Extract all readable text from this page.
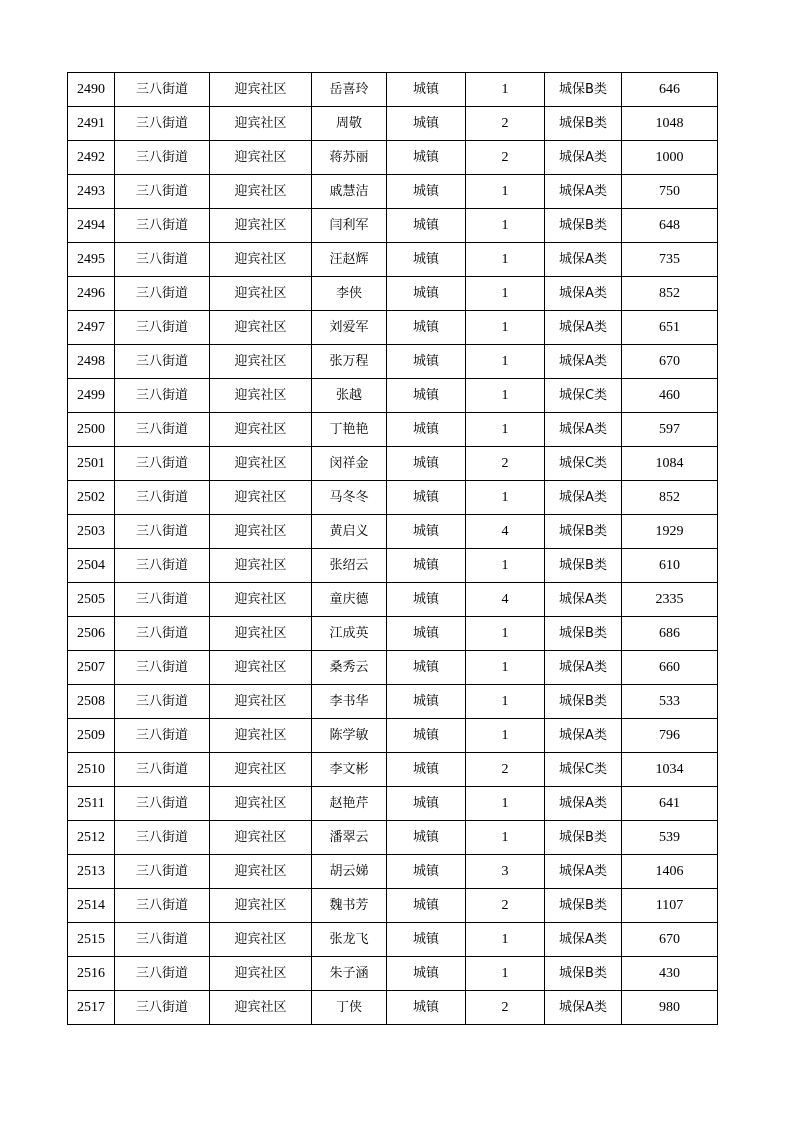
2490	三八街道	迎宾社区	岳喜玲	城镇	1	城保B类	646
2491	三八街道	迎宾社区	周敬	城镇	2	城保B类	1048
2492	三八街道	迎宾社区	蒋苏丽	城镇	2	城保A类	1000
2493	三八街道	迎宾社区	戚慧洁	城镇	1	城保A类	750
2494	三八街道	迎宾社区	闫利军	城镇	1	城保B类	648
2495	三八街道	迎宾社区	汪赵辉	城镇	1	城保A类	735
2496	三八街道	迎宾社区	李侠	城镇	1	城保A类	852
2497	三八街道	迎宾社区	刘爱军	城镇	1	城保A类	651
2498	三八街道	迎宾社区	张万程	城镇	1	城保A类	670
2499	三八街道	迎宾社区	张越	城镇	1	城保C类	460
2500	三八街道	迎宾社区	丁艳艳	城镇	1	城保A类	597
2501	三八街道	迎宾社区	闵祥金	城镇	2	城保C类	1084
2502	三八街道	迎宾社区	马冬冬	城镇	1	城保A类	852
2503	三八街道	迎宾社区	黄启义	城镇	4	城保B类	1929
2504	三八街道	迎宾社区	张绍云	城镇	1	城保B类	610
2505	三八街道	迎宾社区	童庆德	城镇	4	城保A类	2335
2506	三八街道	迎宾社区	江成英	城镇	1	城保B类	686
2507	三八街道	迎宾社区	桑秀云	城镇	1	城保A类	660
2508	三八街道	迎宾社区	李书华	城镇	1	城保B类	533
2509	三八街道	迎宾社区	陈学敏	城镇	1	城保A类	796
2510	三八街道	迎宾社区	李文彬	城镇	2	城保C类	1034
2511	三八街道	迎宾社区	赵艳芹	城镇	1	城保A类	641
2512	三八街道	迎宾社区	潘翠云	城镇	1	城保B类	539
2513	三八街道	迎宾社区	胡云娣	城镇	3	城保A类	1406
2514	三八街道	迎宾社区	魏书芳	城镇	2	城保B类	1107
2515	三八街道	迎宾社区	张龙飞	城镇	1	城保A类	670
2516	三八街道	迎宾社区	朱子涵	城镇	1	城保B类	430
2517	三八街道	迎宾社区	丁侠	城镇	2	城保A类	980
